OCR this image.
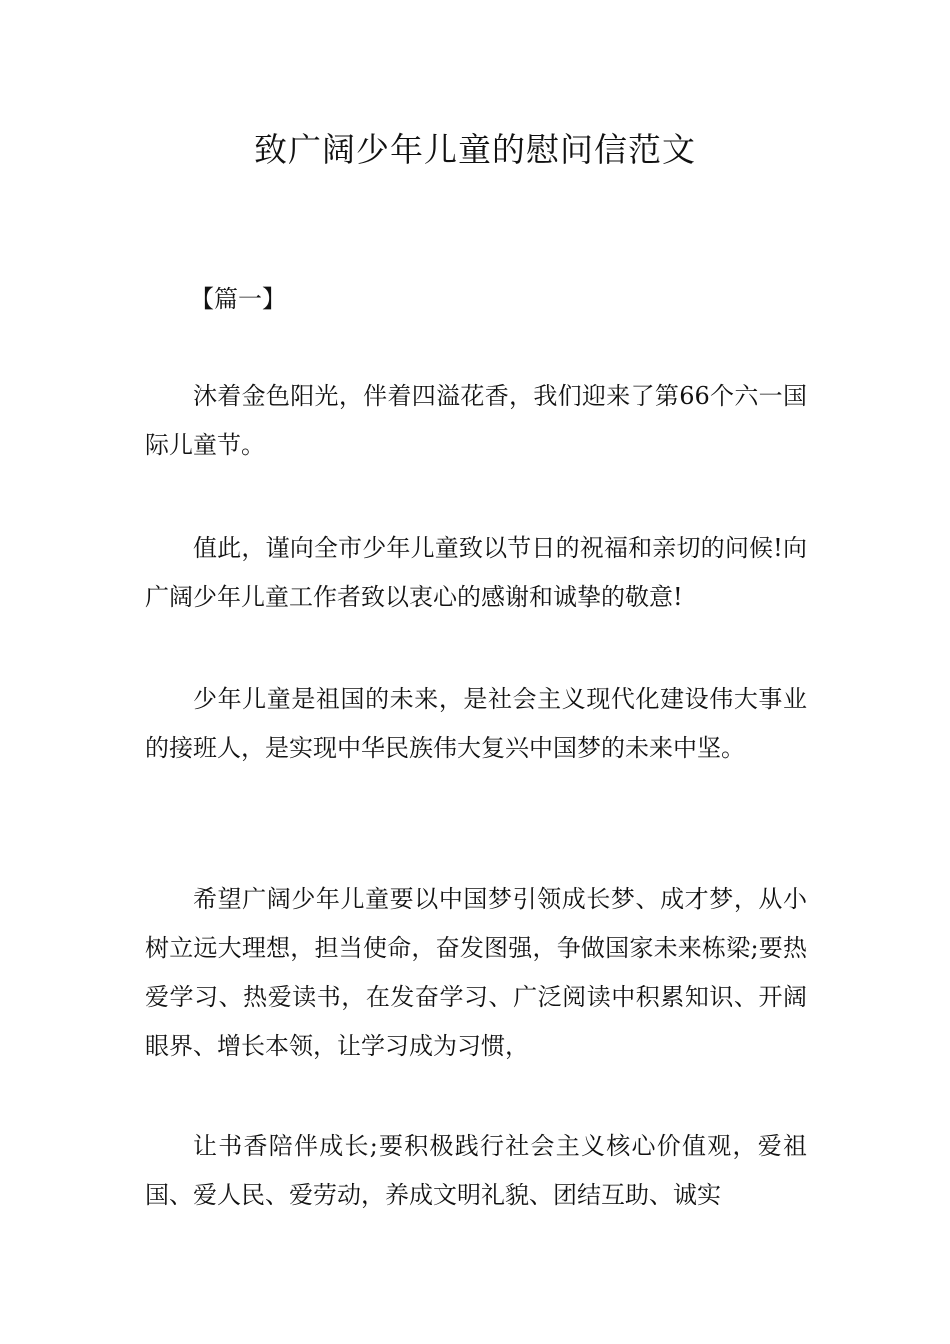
致广阔少年儿童的慰问信范文
【篇一】

沐着金色阳光，伴着四溢花香，我们迎来了第66个六一国际儿童节。

值此，谨向全市少年儿童致以节日的祝福和亲切的问候!向广阔少年儿童工作者致以衷心的感谢和诚挚的敬意!

少年儿童是祖国的未来，是社会主义现代化建设伟大事业的接班人，是实现中华民族伟大复兴中国梦的未来中坚。

希望广阔少年儿童要以中国梦引领成长梦、成才梦，从小树立远大理想，担当使命，奋发图强，争做国家未来栋梁;要热爱学习、热爱读书，在发奋学习、广泛阅读中积累知识、开阔眼界、增长本领，让学习成为习惯，

让书香陪伴成长;要积极践行社会主义核心价值观，爱祖国、爱人民、爱劳动，养成文明礼貌、团结互助、诚实
